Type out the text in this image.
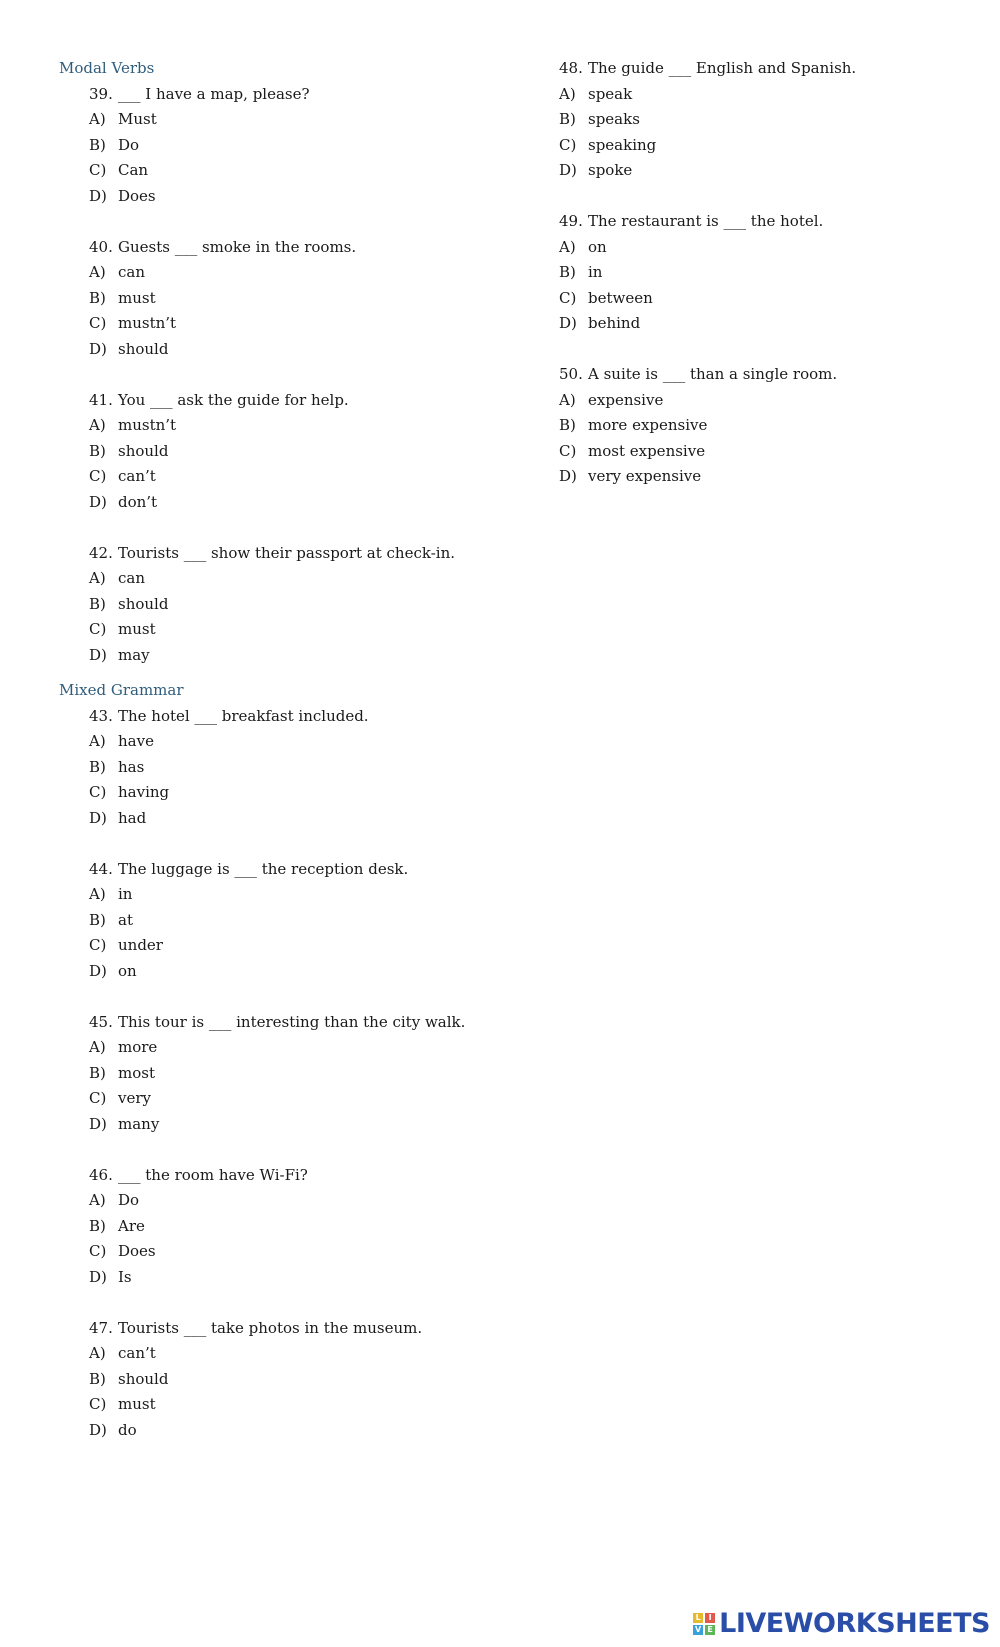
Modal Verbs
39. ___ I have a map, please?
A) Must
B) Do
C) Can
D) Does
40. Guests ___ smoke in the rooms.
A) can
B) must
C) mustn’t
D) should
41. You ___ ask the guide for help.
A) mustn’t
B) should
C) can’t
D) don’t
42. Tourists ___ show their passport at check-in.
A) can
B) should
C) must
D) may
Mixed Grammar
43. The hotel ___ breakfast included.
A) have
B) has
C) having
D) had
44. The luggage is ___ the reception desk.
A) in
B) at
C) under
D) on
45. This tour is ___ interesting than the city walk.
A) more
B) most
C) very
D) many
46. ___ the room have Wi-Fi?
A) Do
B) Are
C) Does
D) Is
47. Tourists ___ take photos in the museum.
A) can’t
B) should
C) must
D) do
48. The guide ___ English and Spanish.
A) speak
B) speaks
C) speaking
D) spoke
49. The restaurant is ___ the hotel.
A) on
B) in
C) between
D) behind
50. A suite is ___ than a single room.
A) expensive
B) more expensive
C) most expensive
D) very expensive
L I
V E LIVEWORKSHEETS
